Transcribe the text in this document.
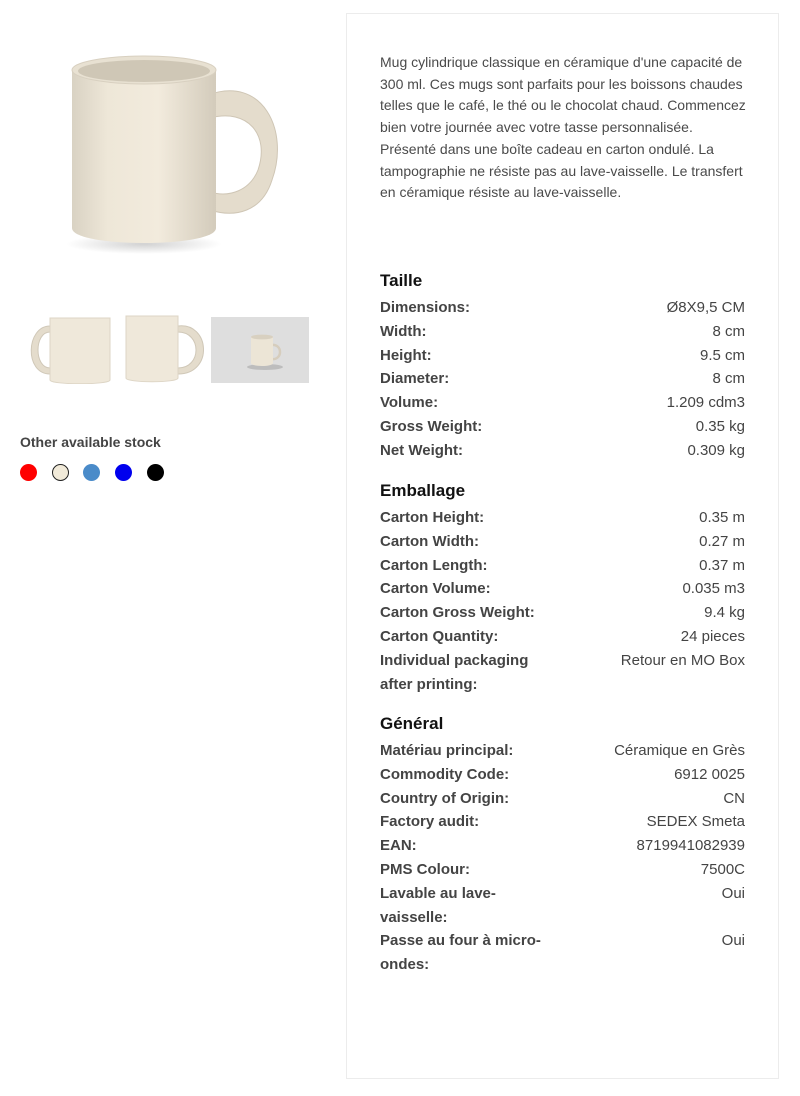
Other available stock

Mug cylindrique classique en céramique d'une capacité de 300 ml. Ces mugs sont parfaits pour les boissons chaudes telles que le café, le thé ou le chocolat chaud. Commencez bien votre journée avec votre tasse personnalisée. Présenté dans une boîte cadeau en carton ondulé. La tampographie ne résiste pas au lave-vaisselle. Le transfert en céramique résiste au lave-vaisselle.

Taille
Dimensions:	Ø8X9,5 CM
Width:	8 cm
Height:	9.5 cm
Diameter:	8 cm
Volume:	1.209 cdm3
Gross Weight:	0.35 kg
Net Weight:	0.309 kg
Emballage
Carton Height:	0.35 m
Carton Width:	0.27 m
Carton Length:	0.37 m
Carton Volume:	0.035 m3
Carton Gross Weight:	9.4 kg
Carton Quantity:	24 pieces
Individual packaging after printing:
Retour en MO Box
Général
Matériau principal:	Céramique en Grès
Commodity Code:	6912 0025
Country of Origin:	CN
Factory audit:	SEDEX Smeta
EAN:	8719941082939
PMS Colour:	7500C
Lavable au lave-vaisselle:
Oui
Passe au four à micro-ondes:
Oui
